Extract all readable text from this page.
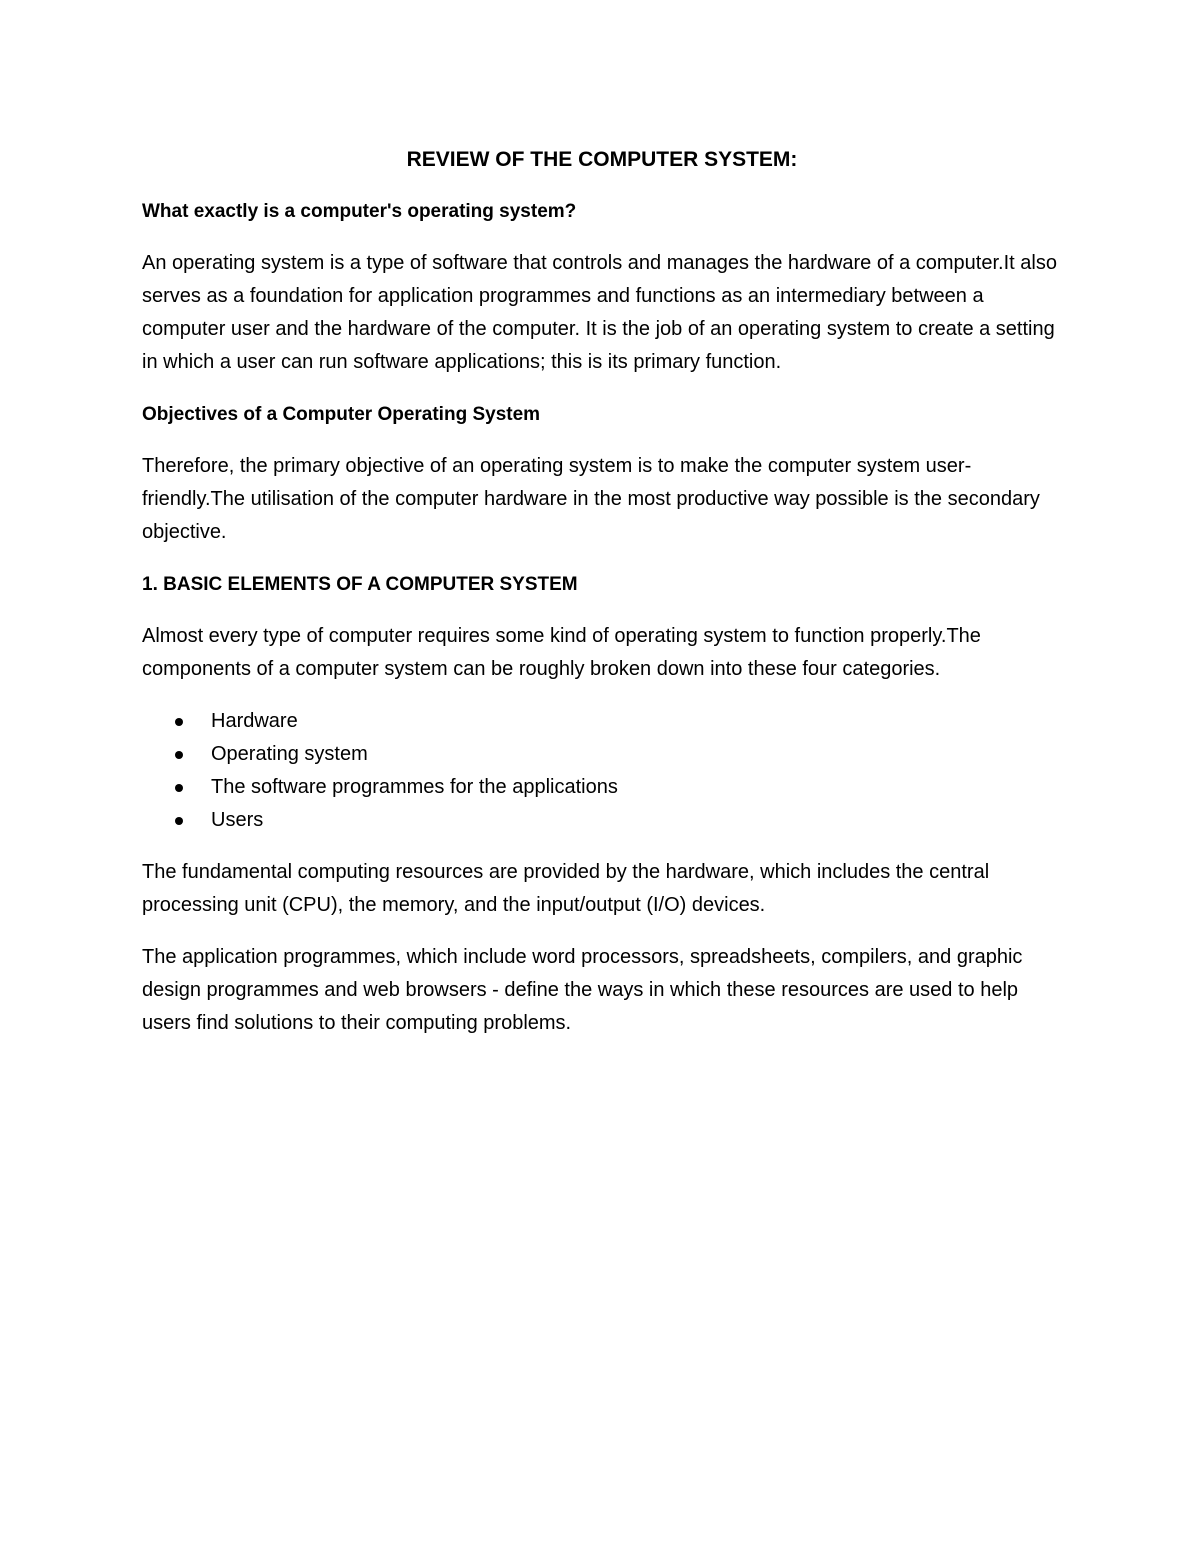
REVIEW OF THE COMPUTER SYSTEM:
What exactly is a computer's operating system?
An operating system is a type of software that controls and manages the hardware of a computer.It also serves as a foundation for application programmes and functions as an intermediary between a computer user and the hardware of the computer. It is the job of an operating system to create a setting in which a user can run software applications; this is its primary function.
Objectives of a Computer Operating System
Therefore, the primary objective of an operating system is to make the computer system user-friendly.The utilisation of the computer hardware in the most productive way possible is the secondary objective.
1. BASIC ELEMENTS OF A COMPUTER SYSTEM
Almost every type of computer requires some kind of operating system to function properly.The components of a computer system can be roughly broken down into these four categories.
Hardware
Operating system
The software programmes for the applications
Users
The fundamental computing resources are provided by the hardware, which includes the central processing unit (CPU), the memory, and the input/output (I/O) devices.
The application programmes, which include word processors, spreadsheets, compilers, and graphic design programmes and web browsers - define the ways in which these resources are used to help users find solutions to their computing problems.
